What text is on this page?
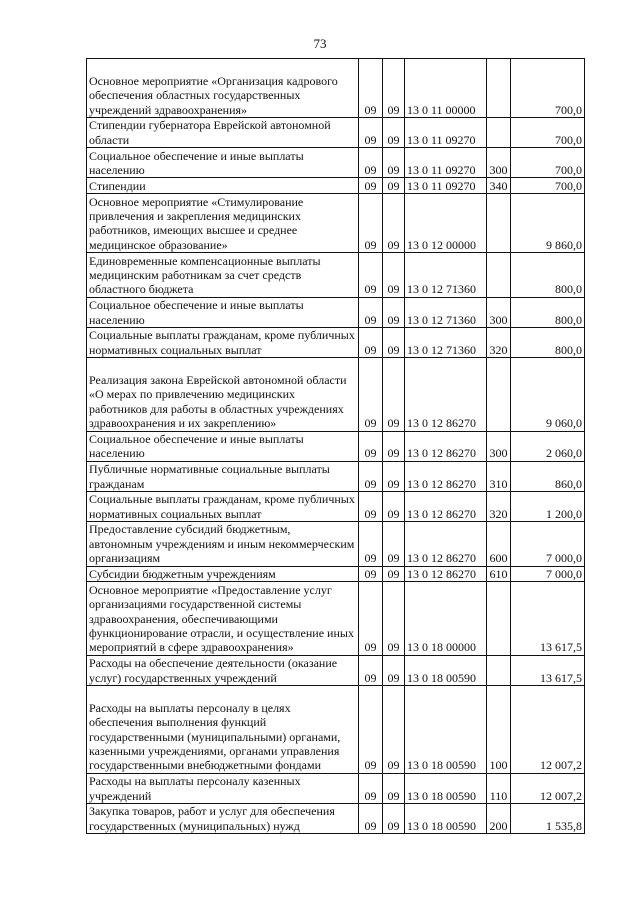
73
Основное мероприятие «Организация кадрового обеспечения областных государственных учреждений здравоохранения»	09	09	13 0 11 00000		700,0
Стипендии губернатора Еврейской автономной области	09	09	13 0 11 09270		700,0
Социальное обеспечение и иные выплаты населению	09	09	13 0 11 09270	300	700,0
Стипендии	09	09	13 0 11 09270	340	700,0
Основное мероприятие «Стимулирование привлечения и закрепления медицинских работников, имеющих высшее и среднее медицинское образование»	09	09	13 0 12 00000		9 860,0
Единовременные компенсационные выплаты медицинским работникам за счет средств областного бюджета	09	09	13 0 12 71360		800,0
Социальное обеспечение и иные выплаты населению	09	09	13 0 12 71360	300	800,0
Социальные выплаты гражданам, кроме публичных нормативных социальных выплат	09	09	13 0 12 71360	320	800,0
Реализация закона Еврейской автономной области «О мерах по привлечению медицинских работников для работы в областных учреждениях здравоохранения и их закреплению»	09	09	13 0 12 86270		9 060,0
Социальное обеспечение и иные выплаты населению	09	09	13 0 12 86270	300	2 060,0
Публичные нормативные социальные выплаты гражданам	09	09	13 0 12 86270	310	860,0
Социальные выплаты гражданам, кроме публичных нормативных социальных выплат	09	09	13 0 12 86270	320	1 200,0
Предоставление субсидий бюджетным, автономным учреждениям и иным некоммерческим организациям	09	09	13 0 12 86270	600	7 000,0
Субсидии бюджетным учреждениям	09	09	13 0 12 86270	610	7 000,0
Основное мероприятие «Предоставление услуг организациями государственной системы здравоохранения, обеспечивающими функционирование отрасли, и осуществление иных мероприятий в сфере здравоохранения»	09	09	13 0 18 00000		13 617,5
Расходы на обеспечение деятельности (оказание услуг) государственных учреждений	09	09	13 0 18 00590		13 617,5
Расходы на выплаты персоналу в целях обеспечения выполнения функций государственными (муниципальными) органами, казенными учреждениями, органами управления государственными внебюджетными фондами	09	09	13 0 18 00590	100	12 007,2
Расходы на выплаты персоналу казенных учреждений	09	09	13 0 18 00590	110	12 007,2
Закупка товаров, работ и услуг для обеспечения государственных (муниципальных) нужд	09	09	13 0 18 00590	200	1 535,8
